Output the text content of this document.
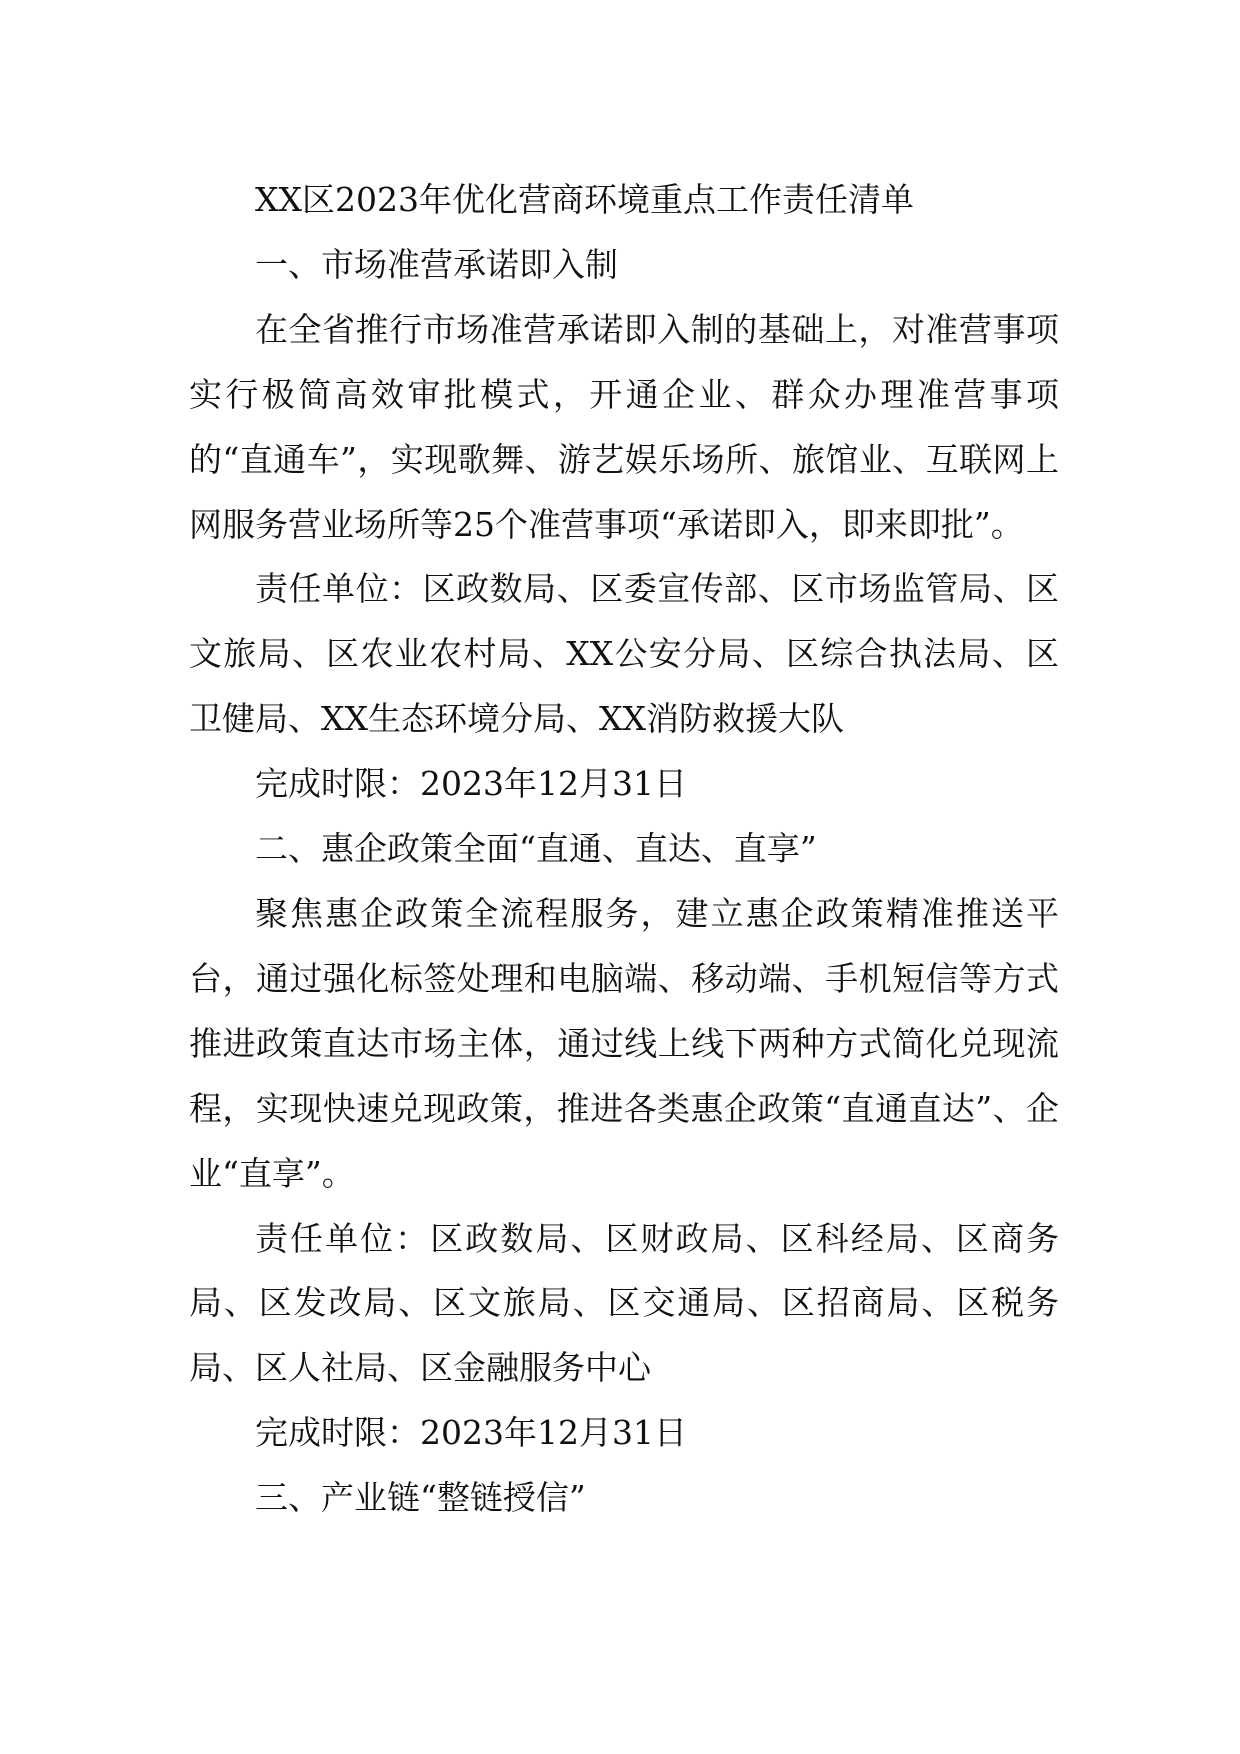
XX区2023年优化营商环境重点工作责任清单

一、市场准营承诺即入制

在全省推行市场准营承诺即入制的基础上，对准营事项实行极简高效审批模式，开通企业、群众办理准营事项的“直通车”，实现歌舞、游艺娱乐场所、旅馆业、互联网上网服务营业场所等25个准营事项“承诺即入，即来即批”。

责任单位：区政数局、区委宣传部、区市场监管局、区文旅局、区农业农村局、XX公安分局、区综合执法局、区卫健局、XX生态环境分局、XX消防救援大队

完成时限：2023年12月31日

二、惠企政策全面“直通、直达、直享”

聚焦惠企政策全流程服务，建立惠企政策精准推送平台，通过强化标签处理和电脑端、移动端、手机短信等方式推进政策直达市场主体，通过线上线下两种方式简化兑现流程，实现快速兑现政策，推进各类惠企政策“直通直达”、企业“直享”。

责任单位：区政数局、区财政局、区科经局、区商务局、区发改局、区文旅局、区交通局、区招商局、区税务局、区人社局、区金融服务中心

完成时限：2023年12月31日

三、产业链“整链授信”
